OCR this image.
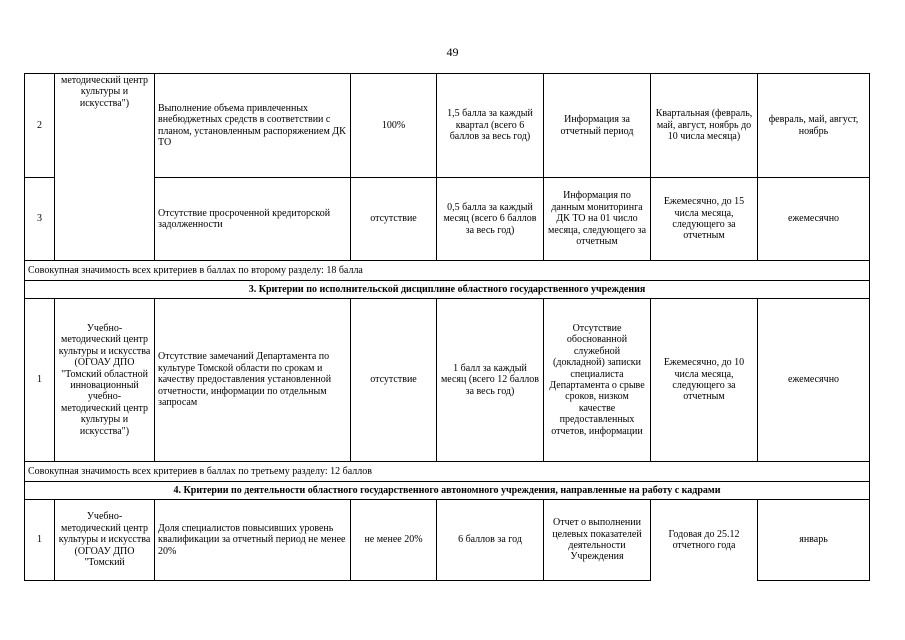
49
2	методический центр культуры и искусства")	Выполнение объема привлеченных внебюджетных средств в соответствии с планом, установленным распоряжением ДК ТО	100%	1,5 балла за каждый квартал (всего 6 баллов за весь год)	Информация за отчетный период	Квартальная (февраль, май, август, ноябрь до 10 числа месяца)	февраль, май, август, ноябрь
3		Отсутствие просроченной кредиторской задолженности	отсутствие	0,5 балла за каждый месяц (всего 6 баллов за весь год)	Информация по данным мониторинга ДК ТО на 01 число месяца, следующего за отчетным	Ежемесячно, до 15 числа месяца, следующего за отчетным	ежемесячно
Совокупная значимость всех критериев в баллах по второму разделу: 18 балла							
3. Критерии по исполнительской дисциплине областного государственного учреждения							
1	Учебно-методический центр культуры и искусства (ОГОАУ ДПО "Томский областной инновационный учебно-методический центр культуры и искусства")	Отсутствие замечаний Департамента по культуре Томской области по срокам и качеству предоставления установленной отчетности, информации по отдельным запросам	отсутствие	1 балл за каждый месяц (всего 12 баллов за весь год)	Отсутствие обоснованной служебной (докладной) записки специалиста Департамента о срыве сроков, низком качестве предоставленных отчетов, информации	Ежемесячно, до 10 числа месяца, следующего за отчетным	ежемесячно
Совокупная значимость всех критериев в баллах по третьему разделу: 12 баллов							
4. Критерии по деятельности областного государственного автономного учреждения, направленные на работу с кадрами							
1	Учебно-методический центр культуры и искусства (ОГОАУ ДПО "Томский	Доля специалистов повысивших уровень квалификации за отчетный период не менее 20%	не менее 20%	6 баллов за год	Отчет о выполнении целевых показателей деятельности Учреждения	Годовая до 25.12 отчетного года	январь
